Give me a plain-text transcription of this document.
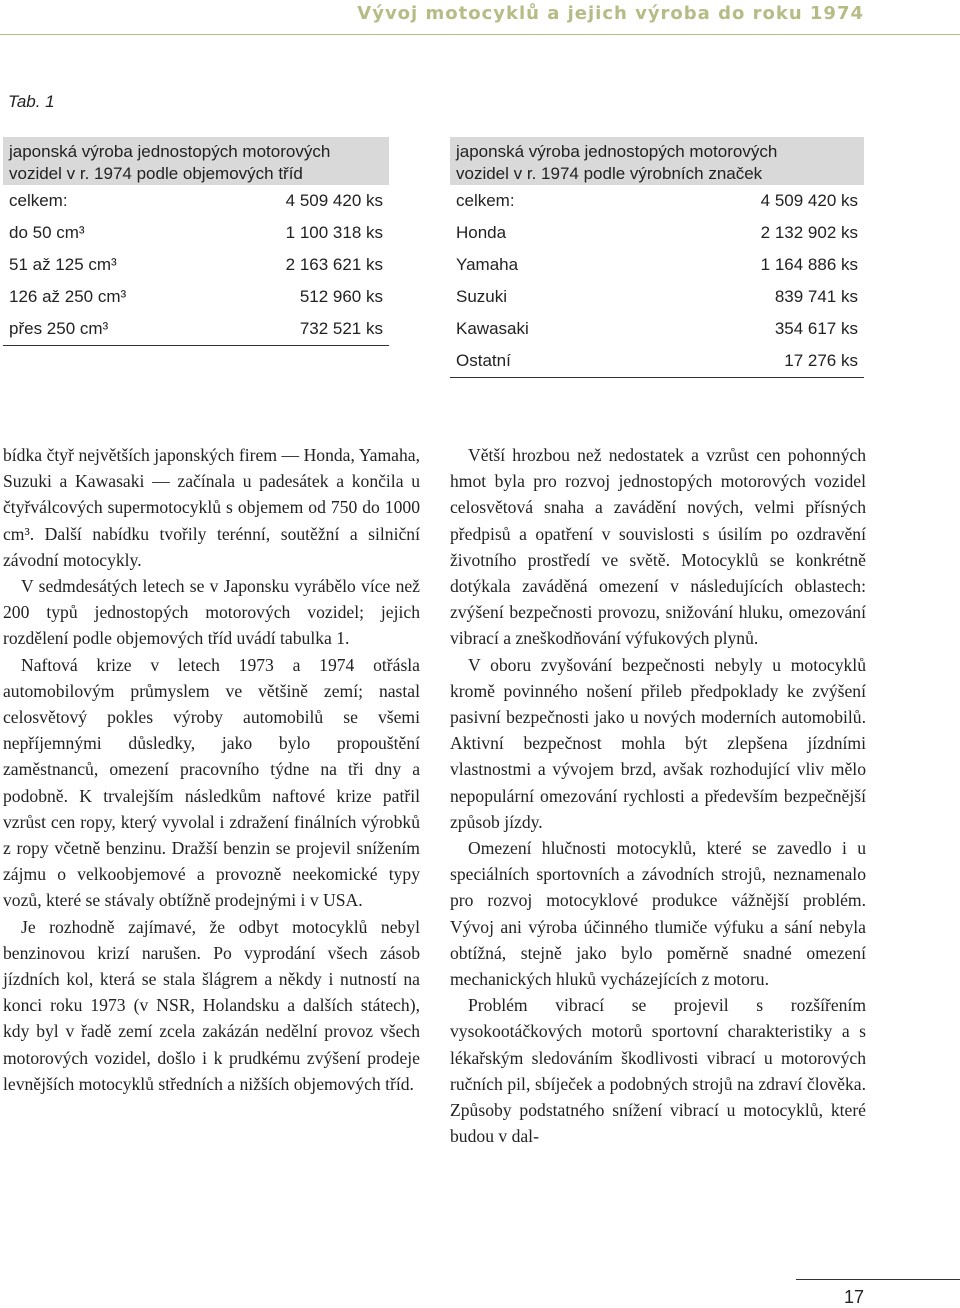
Vývoj motocyklů a jejich výroba do roku 1974
Tab. 1
japonská výroba jednostopých motorových
vozidel v r. 1974 podle objemových tříd
celkem:	4 509 420 ks
do 50 cm³	1 100 318 ks
51 až 125 cm³	2 163 621 ks
126 až 250 cm³	512 960 ks
přes 250 cm³	732 521 ks
japonská výroba jednostopých motorových
vozidel v r. 1974 podle výrobních značek
celkem:	4 509 420 ks
Honda	2 132 902 ks
Yamaha	1 164 886 ks
Suzuki	839 741 ks
Kawasaki	354 617 ks
Ostatní	17 276 ks

bídka čtyř největších japonských firem — Honda, Yamaha, Suzuki a Kawasaki — začínala u padesátek a končila u čtyřválcových supermotocyklů s objemem od 750 do 1000 cm³. Další nabídku tvořily terénní, soutěžní a silniční závodní motocykly.

V sedmdesátých letech se v Japonsku vyrábělo více než 200 typů jednostopých motorových vozidel; jejich rozdělení podle objemových tříd uvádí tabulka 1.

Naftová krize v letech 1973 a 1974 otřásla automobilovým průmyslem ve většině zemí; nastal celosvětový pokles výroby automobilů se všemi nepříjemnými důsledky, jako bylo propouštění zaměstnanců, omezení pracovního týdne na tři dny a podobně. K trvalejším následkům naftové krize patřil vzrůst cen ropy, který vyvolal i zdražení finálních výrobků z ropy včetně benzinu. Dražší benzin se projevil snížením zájmu o velkoobjemové a provozně neekomické typy vozů, které se stávaly obtížně prodejnými i v USA.

Je rozhodně zajímavé, že odbyt motocyklů nebyl benzinovou krizí narušen. Po vyprodání všech zásob jízdních kol, která se stala šlágrem a někdy i nutností na konci roku 1973 (v NSR, Holandsku a dalších státech), kdy byl v řadě zemí zcela zakázán nedělní provoz všech motorových vozidel, došlo i k prudkému zvýšení prodeje levnějších motocyklů středních a nižších objemových tříd.

Větší hrozbou než nedostatek a vzrůst cen pohonných hmot byla pro rozvoj jednostopých motorových vozidel celosvětová snaha a zavádění nových, velmi přísných předpisů a opatření v souvislosti s úsilím po ozdravění životního prostředí ve světě. Motocyklů se konkrétně dotýkala zaváděná omezení v následujících oblastech: zvýšení bezpečnosti provozu, snižování hluku, omezování vibrací a zneškodňování výfukových plynů.

V oboru zvyšování bezpečnosti nebyly u motocyklů kromě povinného nošení přileb předpoklady ke zvýšení pasivní bezpečnosti jako u nových moderních automobilů. Aktivní bezpečnost mohla být zlepšena jízdními vlastnostmi a vývojem brzd, avšak rozhodující vliv mělo nepopulární omezování rychlosti a především bezpečnější způsob jízdy.

Omezení hlučnosti motocyklů, které se zavedlo i u speciálních sportovních a závodních strojů, neznamenalo pro rozvoj motocyklové produkce vážnější problém. Vývoj ani výroba účinného tlumiče výfuku a sání nebyla obtížná, stejně jako bylo poměrně snadné omezení mechanických hluků vycházejících z motoru.

Problém vibrací se projevil s rozšířením vysokootáčkových motorů sportovní charakteristiky a s lékařským sledováním škodlivosti vibrací u motorových ručních pil, sbíječek a podobných strojů na zdraví člověka. Způsoby podstatného snížení vibrací u motocyklů, které budou v dal-

17
